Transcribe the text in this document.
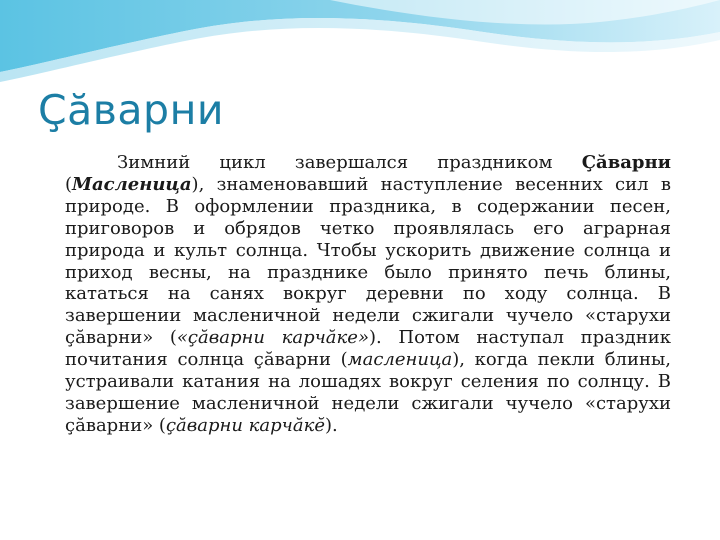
Çăварни

Зимний цикл завершался праздником Çăварни (Масленица), знаменовавший наступление весенних сил в природе. В оформлении праздника, в содержании песен, приговоров и обрядов четко проявлялась его аграрная природа и культ солнца. Чтобы ускорить движение солнца и приход весны, на празднике было принято печь блины, кататься на санях вокруг деревни по ходу солнца. В завершении масленичной недели сжигали чучело «старухи çăварни» («çăварни карчăке»). Потом наступал праздник почитания солнца çăварни (масленица), когда пекли блины, устраивали катания на лошадях вокруг селения по солнцу. В завершение масленичной недели сжигали чучело «старухи çăварни» (çăварни карчăкĕ).
